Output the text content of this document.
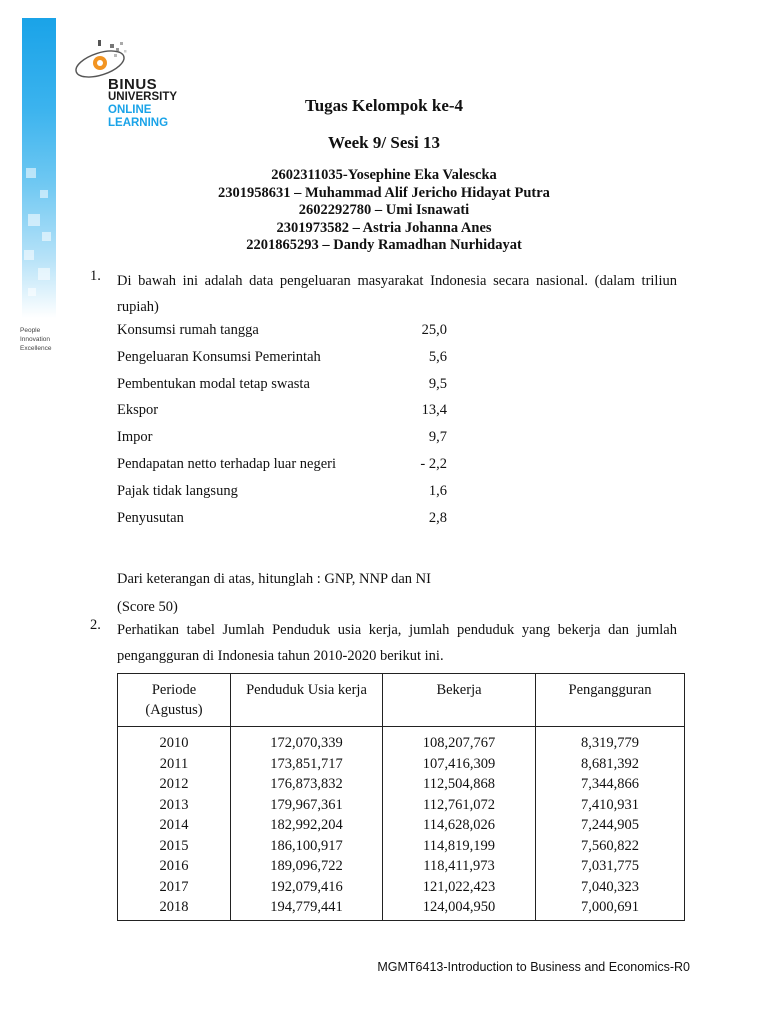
People
Innovation
Excellence
BINUS
UNIVERSITY
ONLINE
LEARNING
Tugas Kelompok ke-4
Week 9/ Sesi 13
2602311035-Yosephine Eka Valescka
2301958631 – Muhammad Alif Jericho Hidayat Putra
2602292780 – Umi Isnawati
2301973582 – Astria Johanna Anes
2201865293 – Dandy Ramadhan Nurhidayat
1. Di bawah ini adalah data pengeluaran masyarakat Indonesia secara nasional. (dalam triliun rupiah)
Konsumsi rumah tangga	25,0
Pengeluaran Konsumsi Pemerintah	5,6
Pembentukan modal tetap swasta	9,5
Ekspor	13,4
Impor	9,7
Pendapatan netto terhadap luar negeri	- 2,2
Pajak tidak langsung	1,6
Penyusutan	2,8
Dari keterangan di atas, hitunglah : GNP, NNP dan NI
(Score 50)
2. Perhatikan tabel Jumlah Penduduk usia kerja, jumlah penduduk yang bekerja dan jumlah pengangguran di Indonesia tahun 2010-2020 berikut ini.
Periode
(Agustus)	Penduduk Usia kerja	Bekerja	Pengangguran
2010	172,070,339	108,207,767	8,319,779
2011	173,851,717	107,416,309	8,681,392
2012	176,873,832	112,504,868	7,344,866
2013	179,967,361	112,761,072	7,410,931
2014	182,992,204	114,628,026	7,244,905
2015	186,100,917	114,819,199	7,560,822
2016	189,096,722	118,411,973	7,031,775
2017	192,079,416	121,022,423	7,040,323
2018	194,779,441	124,004,950	7,000,691
MGMT6413-Introduction to Business and Economics-R0
